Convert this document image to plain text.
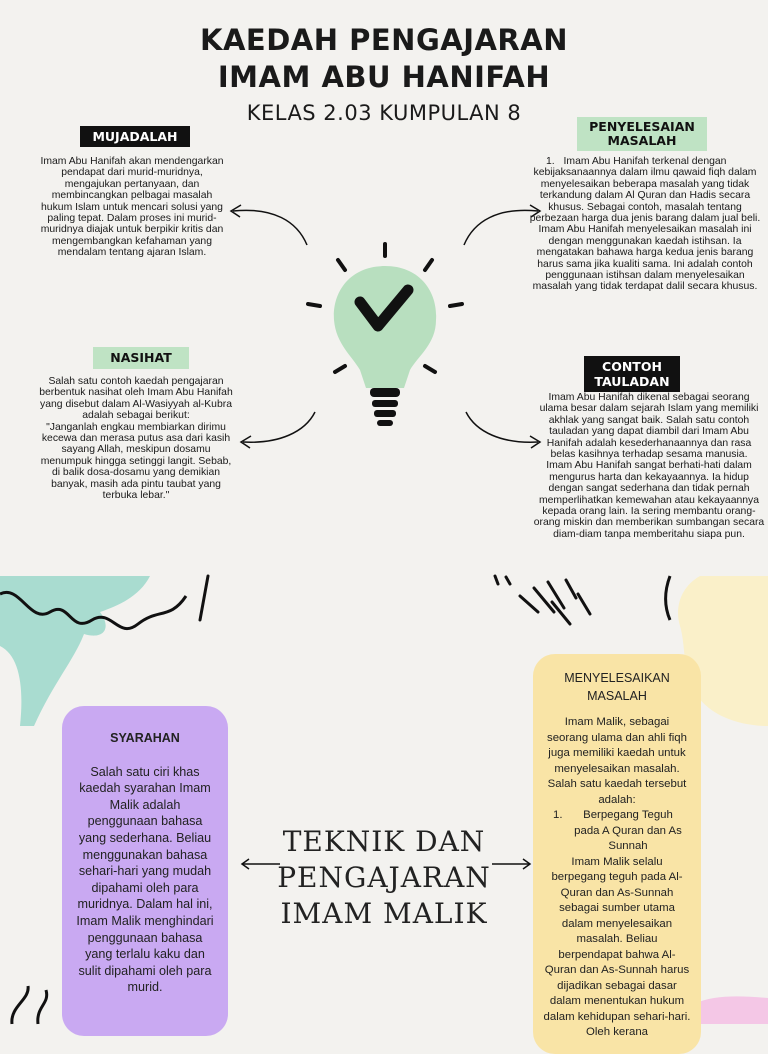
KAEDAH PENGAJARAN
IMAM ABU HANIFAH
KELAS 2.03 KUMPULAN 8
MUJADALAH
Imam Abu Hanifah akan mendengarkan pendapat dari murid-muridnya, mengajukan pertanyaan, dan membincangkan pelbagai masalah hukum Islam untuk mencari solusi yang paling tepat. Dalam proses ini murid-muridnya diajak untuk berpikir kritis dan mengembangkan kefahaman yang mendalam tentang ajaran Islam.
PENYELESAIAN
MASALAH
1. Imam Abu Hanifah terkenal dengan kebijaksanaannya dalam ilmu qawaid fiqh dalam menyelesaikan beberapa masalah yang tidak terkandung dalam Al Quran dan Hadis secara khusus. Sebagai contoh, masalah tentang perbezaan harga dua jenis barang dalam jual beli. Imam Abu Hanifah menyelesaikan masalah ini dengan menggunakan kaedah istihsan. Ia mengatakan bahawa harga kedua jenis barang harus sama jika kualiti sama. Ini adalah contoh penggunaan istihsan dalam menyelesaikan masalah yang tidak terdapat dalil secara khusus.
NASIHAT
Salah satu contoh kaedah pengajaran berbentuk nasihat oleh Imam Abu Hanifah yang disebut dalam Al-Wasiyyah al-Kubra adalah sebagai berikut:
"Janganlah engkau membiarkan dirimu kecewa dan merasa putus asa dari kasih sayang Allah, meskipun dosamu menumpuk hingga setinggi langit. Sebab, di balik dosa-dosamu yang demikian banyak, masih ada pintu taubat yang terbuka lebar."
CONTOH
TAULADAN
Imam Abu Hanifah dikenal sebagai seorang ulama besar dalam sejarah Islam yang memiliki akhlak yang sangat baik. Salah satu contoh tauladan yang dapat diambil dari Imam Abu Hanifah adalah kesederhanaannya dan rasa belas kasihnya terhadap sesama manusia.
Imam Abu Hanifah sangat berhati-hati dalam mengurus harta dan kekayaannya. Ia hidup dengan sangat sederhana dan tidak pernah memperlihatkan kemewahan atau kekayaannya kepada orang lain. Ia sering membantu orang-orang miskin dan memberikan sumbangan secara diam-diam tanpa memberitahu siapa pun.
SYARAHAN
Salah satu ciri khas kaedah syarahan Imam Malik adalah penggunaan bahasa yang sederhana. Beliau menggunakan bahasa sehari-hari yang mudah dipahami oleh para muridnya. Dalam hal ini, Imam Malik menghindari penggunaan bahasa yang terlalu kaku dan sulit dipahami oleh para murid.
TEKNIK DAN
PENGAJARAN
IMAM MALIK
MENYELESAIKAN
MASALAH
Imam Malik, sebagai seorang ulama dan ahli fiqh juga memiliki kaedah untuk menyelesaikan masalah. Salah satu kaedah tersebut adalah:
1.	Berpegang Teguh pada A Quran dan As Sunnah
Imam Malik selalu berpegang teguh pada Al-Quran dan As-Sunnah sebagai sumber utama dalam menyelesaikan masalah. Beliau berpendapat bahwa Al-Quran dan As-Sunnah harus dijadikan sebagai dasar dalam menentukan hukum dalam kehidupan sehari-hari. Oleh kerana
